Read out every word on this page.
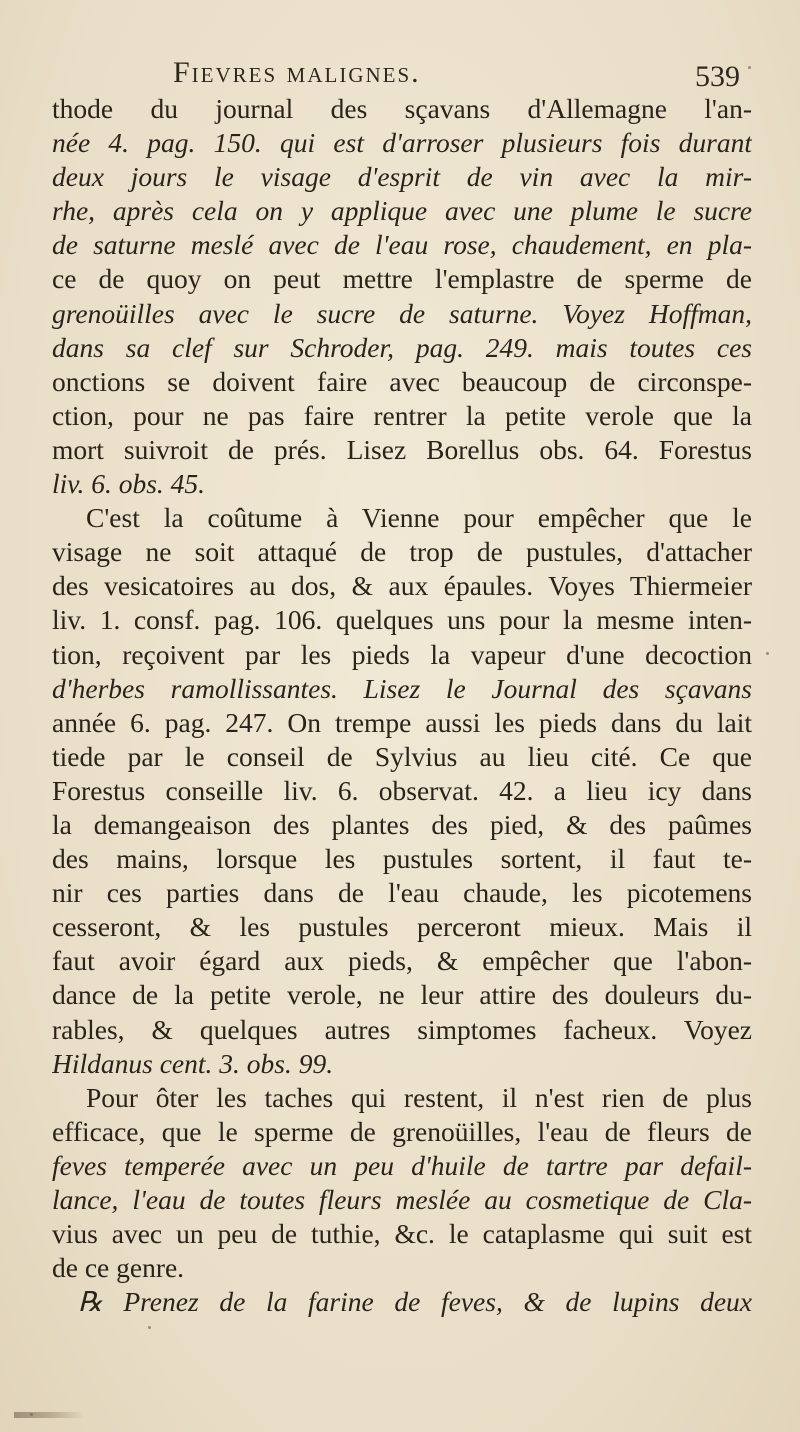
Fievres malignes.	539
thode du journal des sçavans d'Allemagne l'an-
née 4. pag. 150. qui est d'arroser plusieurs fois durant
deux jours le visage d'esprit de vin avec la mir-
rhe, après cela on y applique avec une plume le sucre
de saturne meslé avec de l'eau rose, chaudement, en pla-
ce de quoy on peut mettre l'emplastre de sperme de
grenoüilles avec le sucre de saturne. Voyez Hoffman,
dans sa clef sur Schroder, pag. 249. mais toutes ces
onctions se doivent faire avec beaucoup de circonspe-
ction, pour ne pas faire rentrer la petite verole que la
mort suivroit de prés. Lisez Borellus obs. 64. Forestus
liv. 6. obs. 45.
C'est la coûtume à Vienne pour empêcher que le
visage ne soit attaqué de trop de pustules, d'attacher
des vesicatoires au dos, & aux épaules. Voyes Thiermeier
liv. 1. consf. pag. 106. quelques uns pour la mesme inten-
tion, reçoivent par les pieds la vapeur d'une decoction
d'herbes ramollissantes. Lisez le Journal des sçavans
année 6. pag. 247. On trempe aussi les pieds dans du lait
tiede par le conseil de Sylvius au lieu cité. Ce que
Forestus conseille liv. 6. observat. 42. a lieu icy dans
la demangeaison des plantes des pied, & des paûmes
des mains, lorsque les pustules sortent, il faut te-
nir ces parties dans de l'eau chaude, les picotemens
cesseront, & les pustules perceront mieux. Mais il
faut avoir égard aux pieds, & empêcher que l'abon-
dance de la petite verole, ne leur attire des douleurs du-
rables, & quelques autres simptomes facheux. Voyez
Hildanus cent. 3. obs. 99.
Pour ôter les taches qui restent, il n'est rien de plus
efficace, que le sperme de grenoüilles, l'eau de fleurs de
feves temperée avec un peu d'huile de tartre par defail-
lance, l'eau de toutes fleurs meslée au cosmetique de Cla-
vius avec un peu de tuthie, &c. le cataplasme qui suit est
de ce genre.
℞ Prenez de la farine de feves, & de lupins deux
